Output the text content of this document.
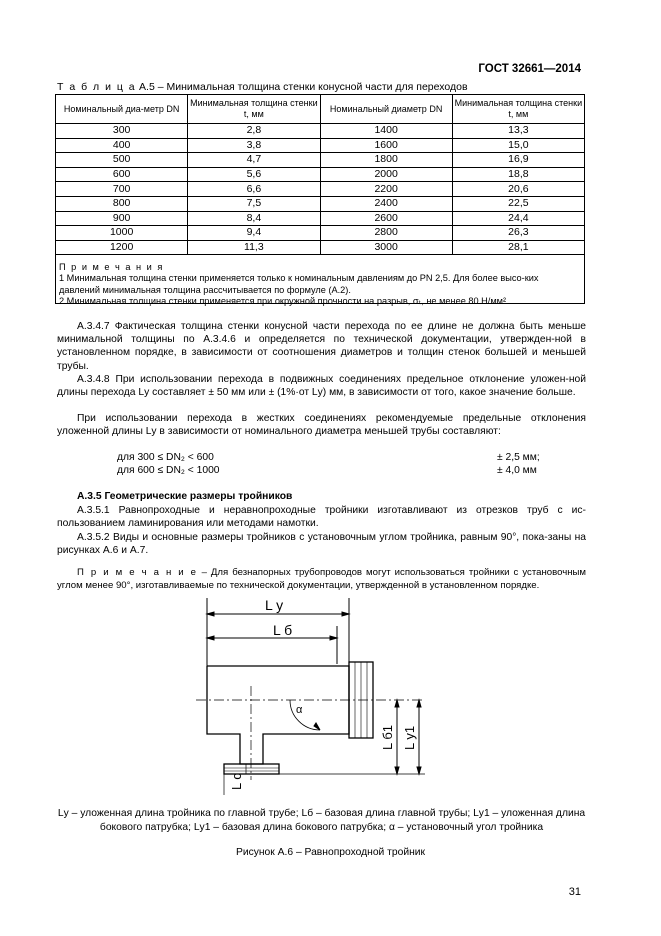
ГОСТ 32661—2014
Т а б л и ц а А.5 – Минимальная толщина стенки конусной части для переходов
Номинальный диа-метр DN	Минимальная толщина стенки t, мм	Номинальный диаметр DN	Минимальная толщина стенки t, мм
300	2,8	1400	13,3
400	3,8	1600	15,0
500	4,7	1800	16,9
600	5,6	2000	18,8
700	6,6	2200	20,6
800	7,5	2400	22,5
900	8,4	2600	24,4
1000	9,4	2800	26,3
1200	11,3	3000	28,1

П р и м е ч а н и я
1 Минимальная толщина стенки применяется только к номинальным давлениям до PN 2,5. Для более высо-ких давлений минимальная толщина рассчитывается по формуле (А.2).
2 Минимальная толщина стенки применяется при окружной прочности на разрыв, σₜ, не менее 80 Н/мм².
А.3.4.7 Фактическая толщина стенки конусной части перехода по ее длине не должна быть меньше минимальной толщины по А.3.4.6 и определяется по технической документации, утвержден-ной в установленном порядке, в зависимости от соотношения диаметров и толщин стенок большей и меньшей трубы.
А.3.4.8 При использовании перехода в подвижных соединениях предельное отклонение уложен-ной длины перехода Lу составляет ± 50 мм или ± (1%·от Lу) мм, в зависимости от того, какое значение больше.
При использовании перехода в жестких соединениях рекомендуемые предельные отклонения уложенной длины Lу в зависимости от номинального диаметра меньшей трубы составляют:
для 300 ≤ DN₂ < 600	± 2,5 мм;
для 600 ≤ DN₂ < 1000	± 4,0 мм
А.3.5 Геометрические размеры тройников
А.3.5.1 Равнопроходные и неравнопроходные тройники изготавливают из отрезков труб с ис-пользованием ламинирования или методами намотки.
А.3.5.2 Виды и основные размеры тройников с установочным углом тройника, равным 90°, пока-заны на рисунках А.6 и А.7.
П р и м е ч а н и е – Для безнапорных трубопроводов могут использоваться тройники с установочным углом менее 90°, изготавливаемые по технической документации, утвержденной в установленном порядке.
L у
L б
α
L б1 L у1
L с
Lу – уложенная длина тройника по главной трубе; Lб – базовая длина главной трубы; Lу1 – уложенная длина бокового патрубка; Lу1 – базовая длина бокового патрубка; α – установочный угол тройника
Рисунок А.6 – Равнопроходной тройник
31
